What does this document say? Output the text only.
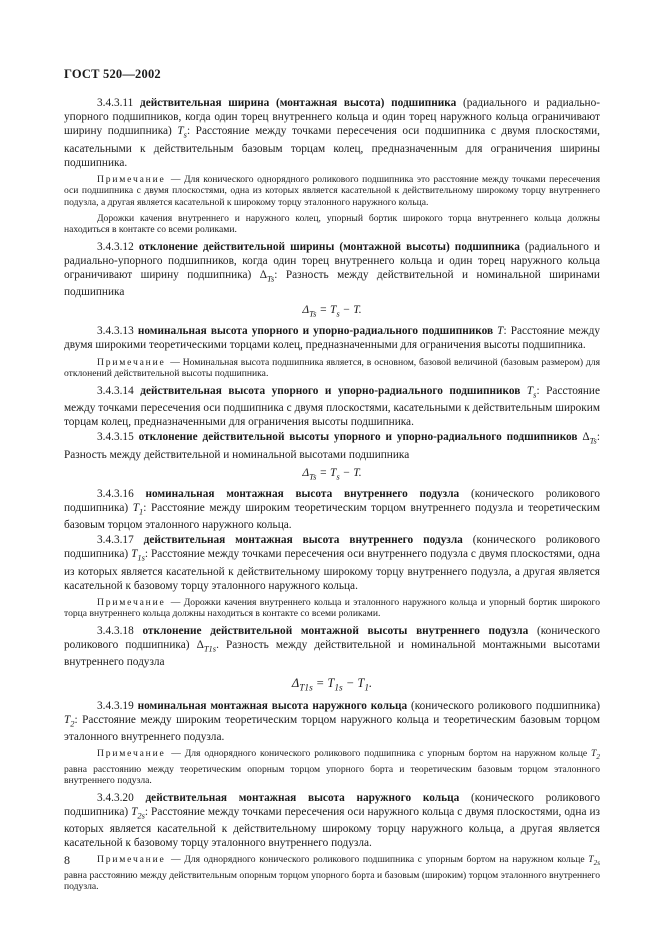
ГОСТ 520—2002

3.4.3.11 действительная ширина (монтажная высота) подшипника (радиального и радиально-упорного подшипников, когда один торец внутреннего кольца и один торец наружного кольца ограничивают ширину подшипника) $T_s$: Расстояние между точками пересечения оси подшипника с двумя плоскостями, касательными к действительным базовым торцам колец, предназначенным для ограничения ширины подшипника.

Примечание — Для конического однорядного роликового подшипника это расстояние между точками пересечения оси подшипника с двумя плоскостями, одна из которых является касательной к действительному широкому торцу внутреннего подузла, а другая является касательной к широкому торцу эталонного наружного кольца.

Дорожки качения внутреннего и наружного колец, упорный бортик широкого торца внутреннего кольца должны находиться в контакте со всеми роликами.

3.4.3.12 отклонение действительной ширины (монтажной высоты) подшипника (радиального и радиально-упорного подшипников, когда один торец внутреннего кольца и один торец наружного кольца ограничивают ширину подшипника) $\Delta_{Ts}$: Разность между действительной и номинальной ширинами подшипника

$\Delta_{Ts} = T_s - T$.

3.4.3.13 номинальная высота упорного и упорно-радиального подшипников T: Расстояние между двумя широкими теоретическими торцами колец, предназначенными для ограничения высоты подшипника.

Примечание — Номинальная высота подшипника является, в основном, базовой величиной (базовым размером) для отклонений действительной высоты подшипника.

3.4.3.14 действительная высота упорного и упорно-радиального подшипников $T_s$: Расстояние между точками пересечения оси подшипника с двумя плоскостями, касательными к действительным широким торцам колец, предназначенными для ограничения высоты подшипника.

3.4.3.15 отклонение действительной высоты упорного и упорно-радиального подшипников $\Delta_{Ts}$: Разность между действительной и номинальной высотами подшипника

$\Delta_{Ts} = T_s - T$.

3.4.3.16 номинальная монтажная высота внутреннего подузла (конического роликового подшипника) $T_1$: Расстояние между широким теоретическим торцом внутреннего подузла и теоретическим базовым торцом эталонного наружного кольца.

3.4.3.17 действительная монтажная высота внутреннего подузла (конического роликового подшипника) $T_{1s}$: Расстояние между точками пересечения оси внутреннего подузла с двумя плоскостями, одна из которых является касательной к действительному широкому торцу внутреннего подузла, а другая является касательной к базовому торцу эталонного наружного кольца.

Примечание — Дорожки качения внутреннего кольца и эталонного наружного кольца и упорный бортик широкого торца внутреннего кольца должны находиться в контакте со всеми роликами.

3.4.3.18 отклонение действительной монтажной высоты внутреннего подузла (конического роликового подшипника) $\Delta_{T1s}$. Разность между действительной и номинальной монтажными высотами внутреннего подузла

$\Delta_{T1s} = T_{1s} - T_1$.

3.4.3.19 номинальная монтажная высота наружного кольца (конического роликового подшипника) $T_2$: Расстояние между широким теоретическим торцом наружного кольца и теоретическим базовым торцом эталонного внутреннего подузла.

Примечание — Для однорядного конического роликового подшипника с упорным бортом на наружном кольце $T_2$ равна расстоянию между теоретическим опорным торцом упорного борта и теоретическим базовым торцом эталонного внутреннего подузла.

3.4.3.20 действительная монтажная высота наружного кольца (конического роликового подшипника) $T_{2s}$: Расстояние между точками пересечения оси наружного кольца с двумя плоскостями, одна из которых является касательной к действительному широкому торцу наружного кольца, а другая является касательной к базовому торцу эталонного внутреннего подузла.

Примечание — Для однорядного конического роликового подшипника с упорным бортом на наружном кольце $T_{2s}$ равна расстоянию между действительным опорным торцом упорного борта и базовым (широким) торцом эталонного внутреннего подузла.

8
